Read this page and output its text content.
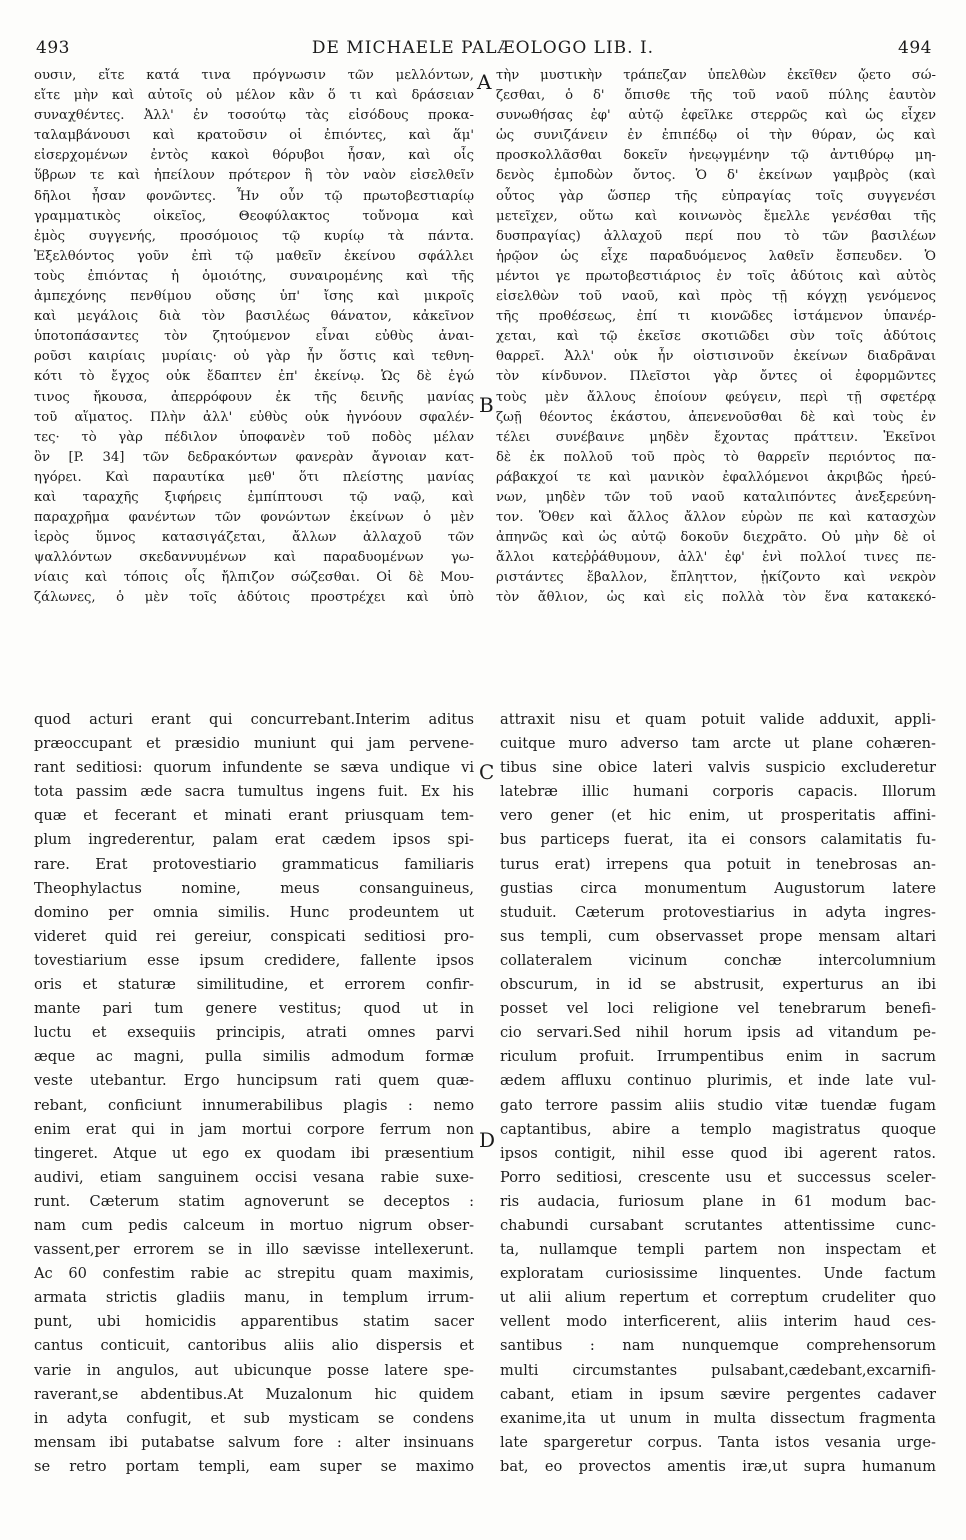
493	DE MICHAELE PALÆOLOGO LIB. I.	494
ουσιν, εἴτε κατά τινα πρόγνωσιν τῶν μελλόντων,
εἴτε μὴν καὶ αὐτοῖς οὐ μέλον κἂν ὅ τι καὶ δράσειαν
συναχθέντες. Ἀλλ' ἐν τοσούτῳ τὰς εἰσόδους προκα-
ταλαμβάνουσι καὶ κρατοῦσιν οἱ ἐπιόντες, καὶ ἅμ'
εἰσερχομένων ἐντὸς κακοὶ θόρυβοι ἦσαν, καὶ οἷς
ὕβρων τε καὶ ἠπείλουν πρότερον ἢ τὸν ναὸν εἰσελθεῖν
δῆλοι ἦσαν φονῶντες. Ἦν οὖν τῷ πρωτοβεστιαρίῳ
γραμματικὸς οἰκεῖος, Θεοφύλακτος τοὔνομα καὶ
ἐμὸς συγγενής, προσόμοιος τῷ κυρίῳ τὰ πάντα.
Ἐξελθόντος γοῦν ἐπὶ τῷ μαθεῖν ἐκείνου σφάλλει
τοὺς ἐπιόντας ἡ ὁμοιότης, συναιρομένης καὶ τῆς
ἀμπεχόνης πενθίμου οὔσης ὑπ' ἴσης καὶ μικροῖς
καὶ μεγάλοις διὰ τὸν βασιλέως θάνατον, κἀκεῖνον
ὑποτοπάσαντες τὸν ζητούμενον εἶναι εὐθὺς ἀναι-
ροῦσι καιρίαις μυρίαις· οὐ γὰρ ἦν ὅστις καὶ τεθνη-
κότι τὸ ἔγχος οὐκ ἔδαπτεν ἐπ' ἐκείνῳ. Ὡς δὲ ἐγώ
τινος ἤκουσα, ἀπερρόφουν ἐκ τῆς δεινῆς μανίας
τοῦ αἵματος. Πλὴν ἀλλ' εὐθὺς οὐκ ἠγνόουν σφαλέν-
τες· τὸ γὰρ πέδιλον ὑποφανὲν τοῦ ποδὸς μέλαν
ὂν [P. 34] τῶν δεδρακόντων φανερὰν ἄγνοιαν κατ-
ηγόρει. Καὶ παραυτίκα μεθ' ὅτι πλείστης μανίας
καὶ ταραχῆς ξιφήρεις ἐμπίπτουσι τῷ ναῷ, καὶ
παραχρῆμα φανέντων τῶν φονώντων ἐκείνων ὁ μὲν
ἱερὸς ὕμνος κατασιγάζεται, ἄλλων ἀλλαχοῦ τῶν
ψαλλόντων σκεδαννυμένων καὶ παραδυομένων γω-
νίαις καὶ τόποις οἷς ἤλπιζον σώζεσθαι. Οἱ δὲ Μου-
ζάλωνες, ὁ μὲν τοῖς ἀδύτοις προστρέχει καὶ ὑπὸ
τὴν μυστικὴν τράπεζαν ὑπελθὼν ἐκεῖθεν ᾤετο σώ-
ζεσθαι, ὁ δ' ὄπισθε τῆς τοῦ ναοῦ πύλης ἑαυτὸν
συνωθήσας ἐφ' αὐτῷ ἐφεῖλκε στερρῶς καὶ ὡς εἶχεν
ὡς συνιζάνειν ἐν ἐπιπέδῳ οἱ τὴν θύραν, ὡς καὶ
προσκολλᾶσθαι δοκεῖν ἠνεῳγμένην τῷ ἀντιθύρῳ μη-
δενὸς ἐμποδὼν ὄντος. Ὁ δ' ἐκείνων γαμβρὸς (καὶ
οὗτος γὰρ ὥσπερ τῆς εὐπραγίας τοῖς συγγενέσι
μετεῖχεν, οὕτω καὶ κοινωνὸς ἔμελλε γενέσθαι τῆς
δυσπραγίας) ἀλλαχοῦ περί που τὸ τῶν βασιλέων
ἡρῷον ὡς εἶχε παραδυόμενος λαθεῖν ἔσπευδεν. Ὁ
μέντοι γε πρωτοβεστιάριος ἐν τοῖς ἀδύτοις καὶ αὐτὸς
εἰσελθὼν τοῦ ναοῦ, καὶ πρὸς τῇ κόγχῃ γενόμενος
τῆς προθέσεως, ἐπί τι κιονῶδες ἱστάμενον ὑπανέρ-
χεται, καὶ τῷ ἐκεῖσε σκοτιῶδει σὺν τοῖς ἀδύτοις
θαρρεῖ. Ἀλλ' οὐκ ἦν οἰστισινοῦν ἐκείνων διαδρᾶναι
τὸν κίνδυνον. Πλεῖστοι γὰρ ὄντες οἱ ἐφορμῶντες
τοὺς μὲν ἄλλους ἐποίουν φεύγειν, περὶ τῇ σφετέρᾳ
ζωῇ θέοντος ἑκάστου, ἀπενενοῦσθαι δὲ καὶ τοὺς ἐν
τέλει συνέβαινε μηδὲν ἔχοντας πράττειν. Ἐκεῖνοι
δὲ ἐκ πολλοῦ τοῦ πρὸς τὸ θαρρεῖν περιόντος πα-
ράβακχοί τε καὶ μανικὸν ἐφαλλόμενοι ἀκριβῶς ἠρεύ-
νων, μηδὲν τῶν τοῦ ναοῦ καταλιπόντες ἀνεξερεύνη-
τον. Ὅθεν καὶ ἄλλος ἄλλον εὑρὼν πε καὶ κατασχὼν
ἀπηνῶς καὶ ὡς αὐτῷ δοκοῦν διεχρᾶτο. Οὐ μὴν δὲ οἱ
ἄλλοι κατεῤῥάθυμουν, ἀλλ' ἐφ' ἑνὶ πολλοί τινες πε-
ριστάντες ἔβαλλον, ἔπληττον, ᾐκίζοντο καὶ νεκρὸν
τὸν ἄθλιον, ὡς καὶ εἰς πολλὰ τὸν ἕνα κατακεκό-
quod acturi erant qui concurrebant.Interim aditus
præoccupant et præsidio muniunt qui jam pervene-
rant seditiosi: quorum infundente se sæva undique vi
tota passim æde sacra tumultus ingens fuit. Ex his
quæ et fecerant et minati erant priusquam tem-
plum ingrederentur, palam erat cædem ipsos spi-
rare. Erat protovestiario grammaticus familiaris
Theophylactus nomine, meus consanguineus,
domino per omnia similis. Hunc prodeuntem ut
videret quid rei gereiur, conspicati seditiosi pro-
tovestiarium esse ipsum credidere, fallente ipsos
oris et staturæ similitudine, et errorem confir-
mante pari tum genere vestitus; quod ut in
luctu et exsequiis principis, atrati omnes parvi
æque ac magni, pulla similis admodum formæ
veste utebantur. Ergo huncipsum rati quem quæ-
rebant, conficiunt innumerabilibus plagis : nemo
enim erat qui in jam mortui corpore ferrum non
tingeret. Atque ut ego ex quodam ibi præsentium
audivi, etiam sanguinem occisi vesana rabie suxe-
runt. Cæterum statim agnoverunt se deceptos :
nam cum pedis calceum in mortuo nigrum obser-
vassent,per errorem se in illo sævisse intellexerunt.
Ac 60 confestim rabie ac strepitu quam maximis,
armata strictis gladiis manu, in templum irrum-
punt, ubi homicidis apparentibus statim sacer
cantus conticuit, cantoribus aliis alio dispersis et
varie in angulos, aut ubicunque posse latere spe-
raverant,se abdentibus.At Muzalonum hic quidem
in adyta confugit, et sub mysticam se condens
mensam ibi putabatse salvum fore : alter insinuans
se retro portam templi, eam super se maximo
attraxit nisu et quam potuit valide adduxit, appli-
cuitque muro adverso tam arcte ut plane cohæren-
tibus sine obice lateri valvis suspicio excluderetur
latebræ illic humani corporis capacis. Illorum
vero gener (et hic enim, ut prosperitatis affini-
bus particeps fuerat, ita ei consors calamitatis fu-
turus erat) irrepens qua potuit in tenebrosas an-
gustias circa monumentum Augustorum latere
studuit. Cæterum protovestiarius in adyta ingres-
sus templi, cum observasset prope mensam altari
collateralem vicinum conchæ intercolumnium
obscurum, in id se abstrusit, experturus an ibi
posset vel loci religione vel tenebrarum benefi-
cio servari.Sed nihil horum ipsis ad vitandum pe-
riculum profuit. Irrumpentibus enim in sacrum
ædem affluxu continuo plurimis, et inde late vul-
gato terrore passim aliis studio vitæ tuendæ fugam
captantibus, abire a templo magistratus quoque
ipsos contigit, nihil esse quod ibi agerent ratos.
Porro seditiosi, crescente usu et successus sceler-
ris audacia, furiosum plane in 61 modum bac-
chabundi cursabant scrutantes attentissime cunc-
ta, nullamque templi partem non inspectam et
exploratam curiosissime linquentes. Unde factum
ut alii alium repertum et correptum crudeliter quo
vellent modo interficerent, aliis interim haud ces-
santibus : nam nunquemque comprehensorum
multi circumstantes pulsabant,cædebant,excarnifi-
cabant, etiam in ipsum sævire pergentes cadaver
exanime,ita ut unum in multa dissectum fragmenta
late spargeretur corpus. Tanta istos vesania urge-
bat, eo provectos amentis iræ,ut supra humanum
A
B
C
D
